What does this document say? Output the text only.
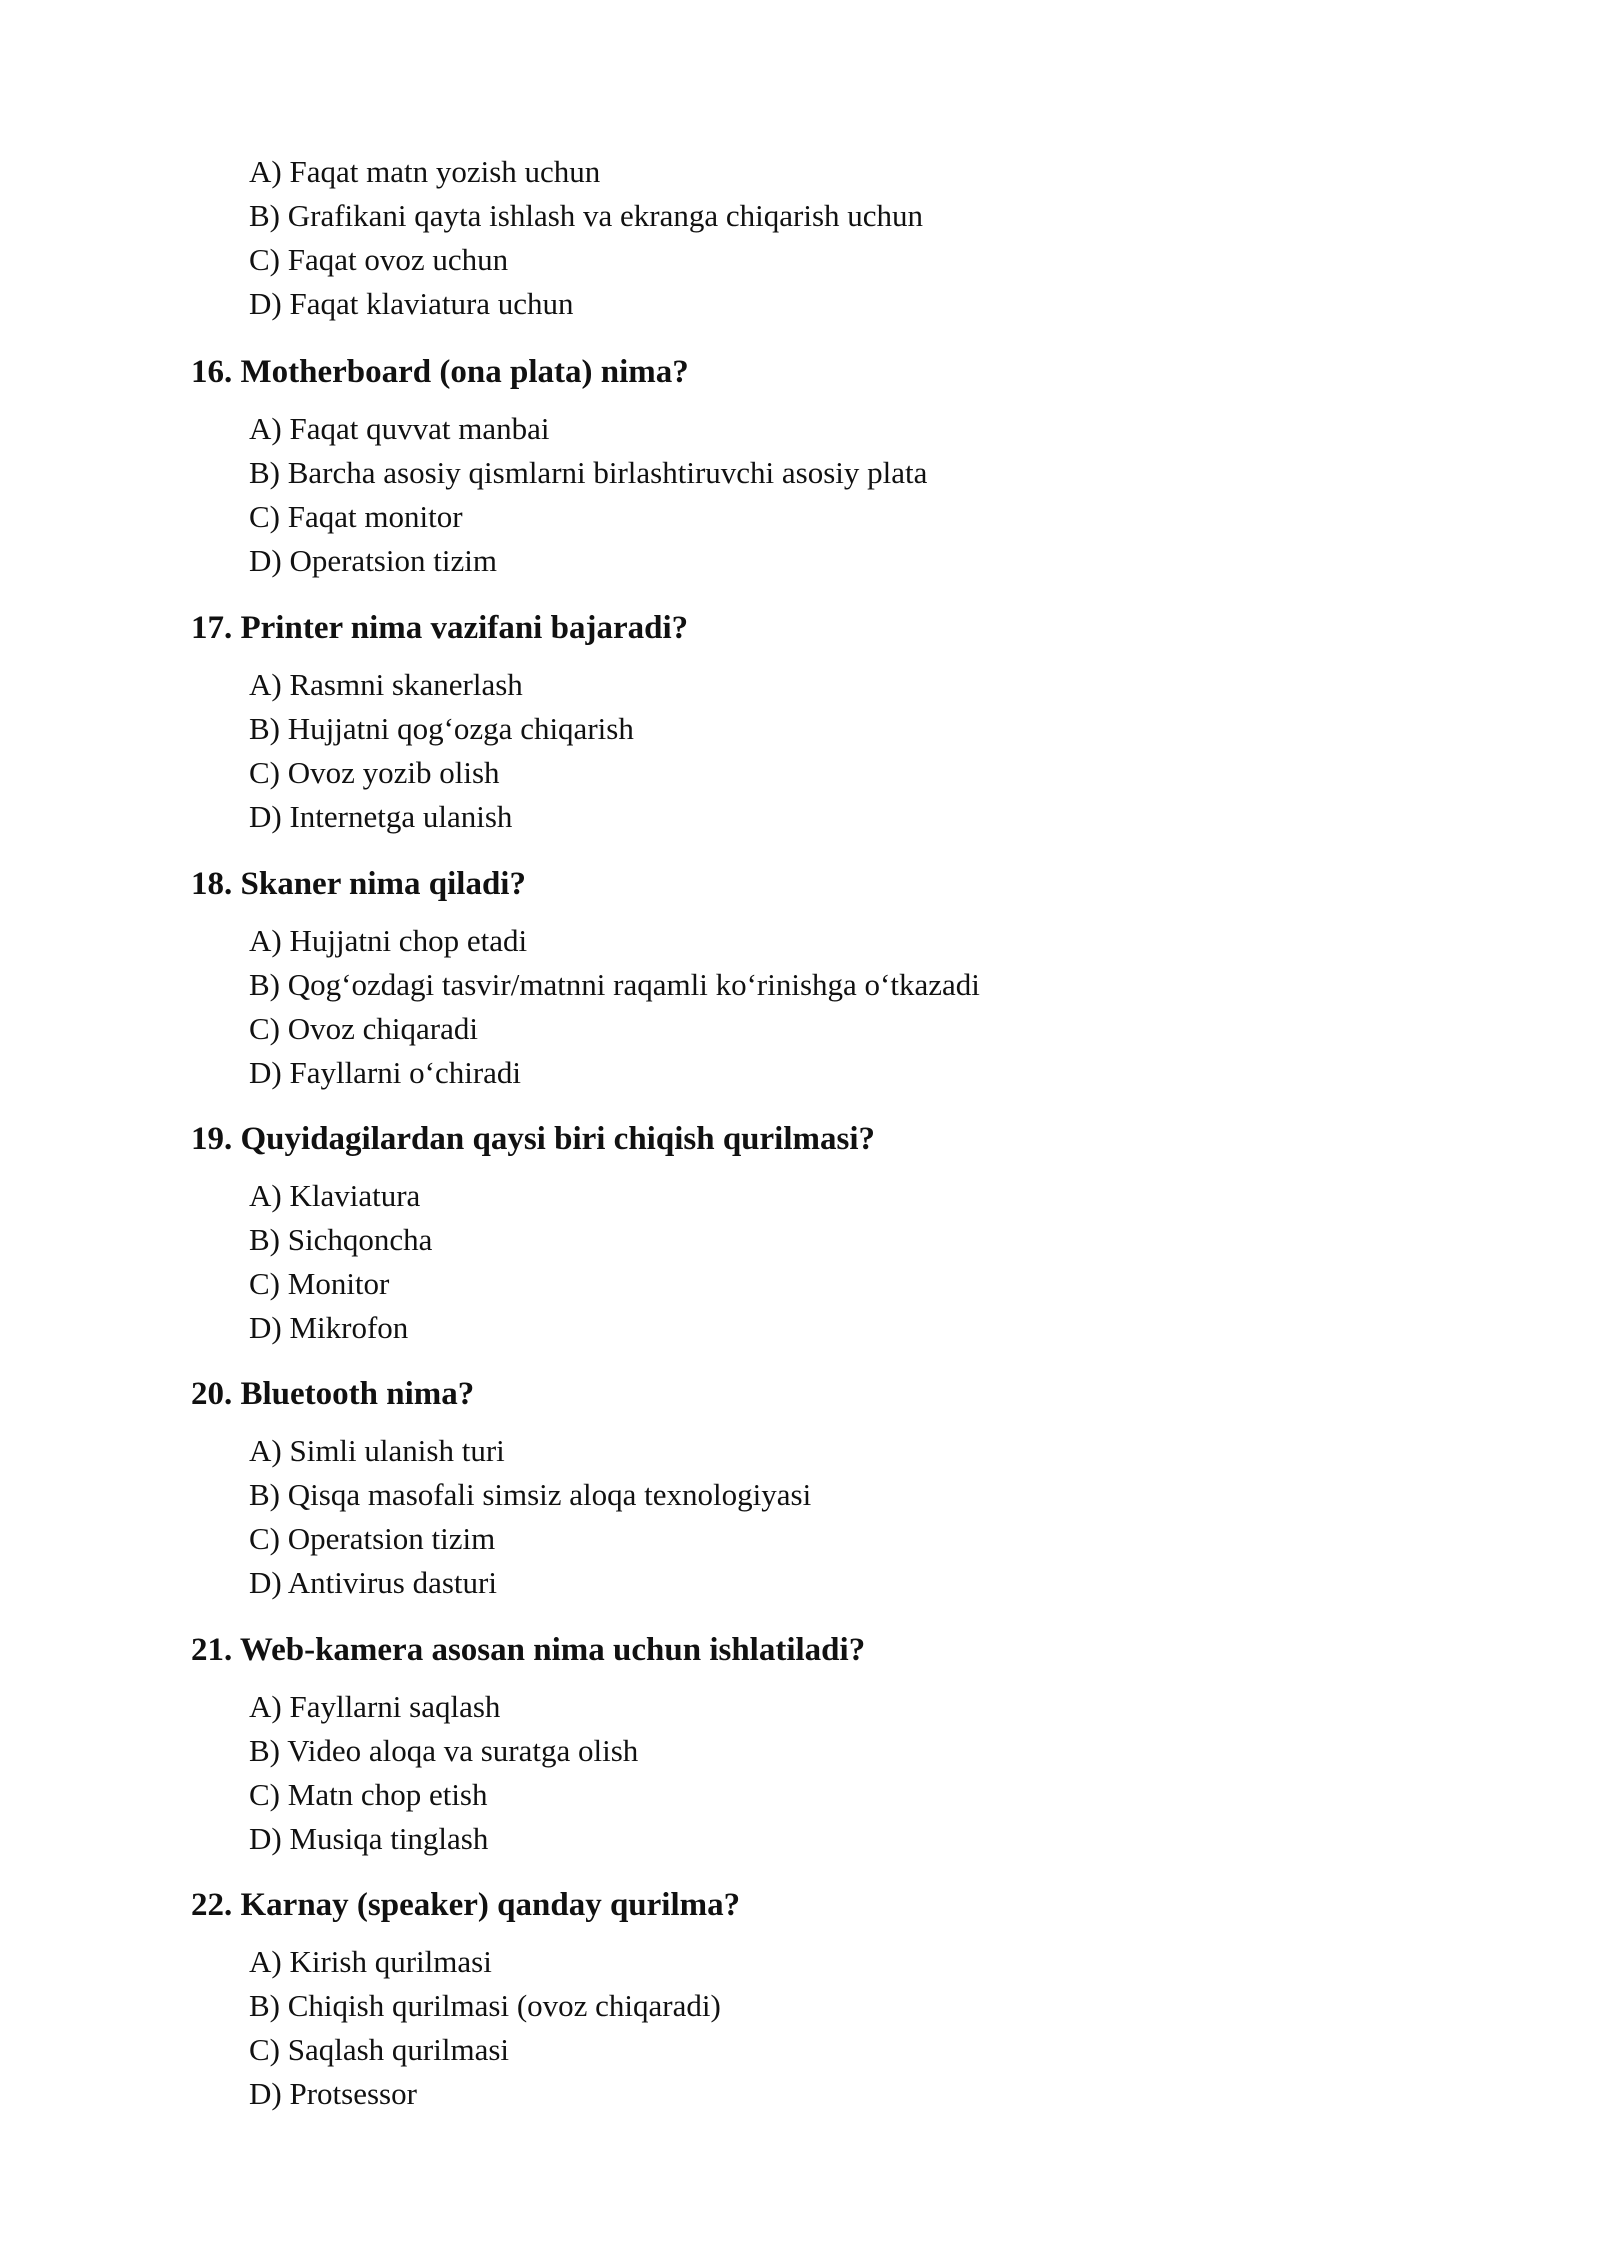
A) Faqat matn yozish uchun
B) Grafikani qayta ishlash va ekranga chiqarish uchun
C) Faqat ovoz uchun
D) Faqat klaviatura uchun
16. Motherboard (ona plata) nima?
A) Faqat quvvat manbai
B) Barcha asosiy qismlarni birlashtiruvchi asosiy plata
C) Faqat monitor
D) Operatsion tizim
17. Printer nima vazifani bajaradi?
A) Rasmni skanerlash
B) Hujjatni qog‘ozga chiqarish
C) Ovoz yozib olish
D) Internetga ulanish
18. Skaner nima qiladi?
A) Hujjatni chop etadi
B) Qog‘ozdagi tasvir/matnni raqamli ko‘rinishga o‘tkazadi
C) Ovoz chiqaradi
D) Fayllarni o‘chiradi
19. Quyidagilardan qaysi biri chiqish qurilmasi?
A) Klaviatura
B) Sichqoncha
C) Monitor
D) Mikrofon
20. Bluetooth nima?
A) Simli ulanish turi
B) Qisqa masofali simsiz aloqa texnologiyasi
C) Operatsion tizim
D) Antivirus dasturi
21. Web-kamera asosan nima uchun ishlatiladi?
A) Fayllarni saqlash
B) Video aloqa va suratga olish
C) Matn chop etish
D) Musiqa tinglash
22. Karnay (speaker) qanday qurilma?
A) Kirish qurilmasi
B) Chiqish qurilmasi (ovoz chiqaradi)
C) Saqlash qurilmasi
D) Protsessor
